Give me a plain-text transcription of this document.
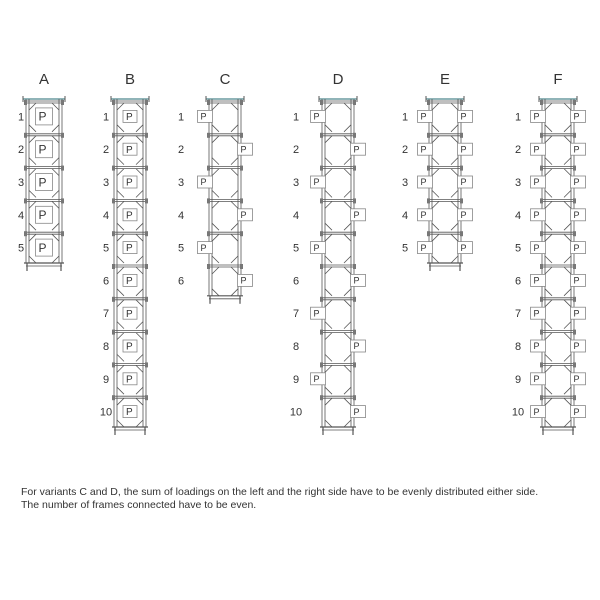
A
1 P
2 P
3 P
4 P
5 P
B
1 P
2 P
3 P
4 P
5 P
6 P
7 P
8 P
9 P
10 P
C
1 P
2	P
3 P
4	P
5 P
6	P
D
1 P
2	P
3 P
4	P
5 P
6	P
7 P
8	P
9 P
10	P
E
1 P	P
2 P	P
3 P	P
4 P	P
5 P	P
F
1 P	P
2 P	P
3 P	P
4 P	P
5 P	P
6 P	P
7 P	P
8 P	P
9 P	P
10 P	P
For variants C and D, the sum of loadings on the left and the right side have to be evenly distributed either side.
The number of frames connected have to be even.
